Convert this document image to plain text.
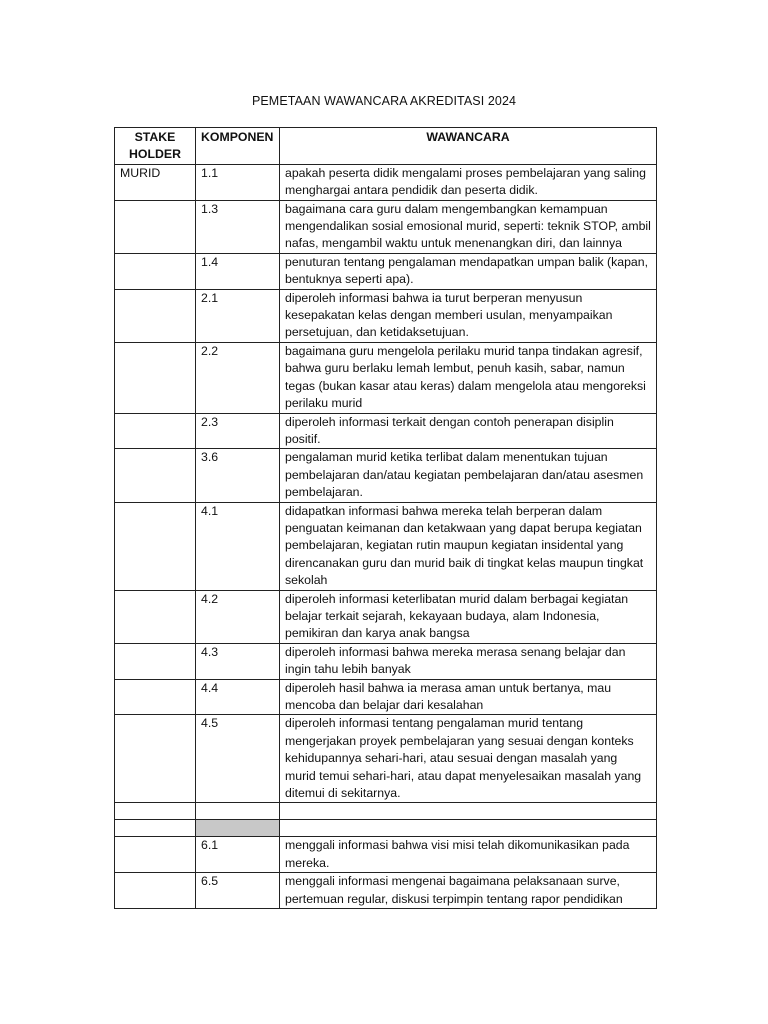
PEMETAAN WAWANCARA AKREDITASI 2024
STAKE HOLDER	KOMPONEN	WAWANCARA
MURID	1.1	apakah peserta didik mengalami proses pembelajaran yang saling menghargai antara pendidik dan peserta didik.
	1.3	bagaimana cara guru dalam mengembangkan kemampuan mengendalikan sosial emosional murid, seperti: teknik STOP, ambil nafas, mengambil waktu untuk menenangkan diri, dan lainnya
	1.4	penuturan tentang pengalaman mendapatkan umpan balik (kapan, bentuknya seperti apa).
	2.1	diperoleh informasi bahwa ia turut berperan menyusun kesepakatan kelas dengan memberi usulan, menyampaikan persetujuan, dan ketidaksetujuan.
	2.2	bagaimana guru mengelola perilaku murid tanpa tindakan agresif, bahwa guru berlaku lemah lembut, penuh kasih, sabar, namun tegas (bukan kasar atau keras) dalam mengelola atau mengoreksi perilaku murid
	2.3	diperoleh informasi terkait dengan contoh penerapan disiplin positif.
	3.6	pengalaman murid ketika terlibat dalam menentukan tujuan pembelajaran dan/atau kegiatan pembelajaran dan/atau asesmen pembelajaran.
	4.1	didapatkan informasi bahwa mereka telah berperan dalam penguatan keimanan dan ketakwaan yang dapat berupa kegiatan pembelajaran, kegiatan rutin maupun kegiatan insidental yang direncanakan guru dan murid baik di tingkat kelas maupun tingkat sekolah
	4.2	diperoleh informasi keterlibatan murid dalam berbagai kegiatan belajar terkait sejarah, kekayaan budaya, alam Indonesia, pemikiran dan karya anak bangsa
	4.3	diperoleh informasi bahwa mereka merasa senang belajar dan ingin tahu lebih banyak
	4.4	diperoleh hasil bahwa ia merasa aman untuk bertanya, mau mencoba dan belajar dari kesalahan
	4.5	diperoleh informasi tentang pengalaman murid tentang mengerjakan proyek pembelajaran yang sesuai dengan konteks kehidupannya sehari-hari, atau sesuai dengan masalah yang murid temui sehari-hari, atau dapat menyelesaikan masalah yang ditemui di sekitarnya.

	6.1	menggali informasi bahwa visi misi telah dikomunikasikan pada mereka.
	6.5	menggali informasi mengenai bagaimana pelaksanaan surve, pertemuan regular, diskusi terpimpin tentang rapor pendidikan
